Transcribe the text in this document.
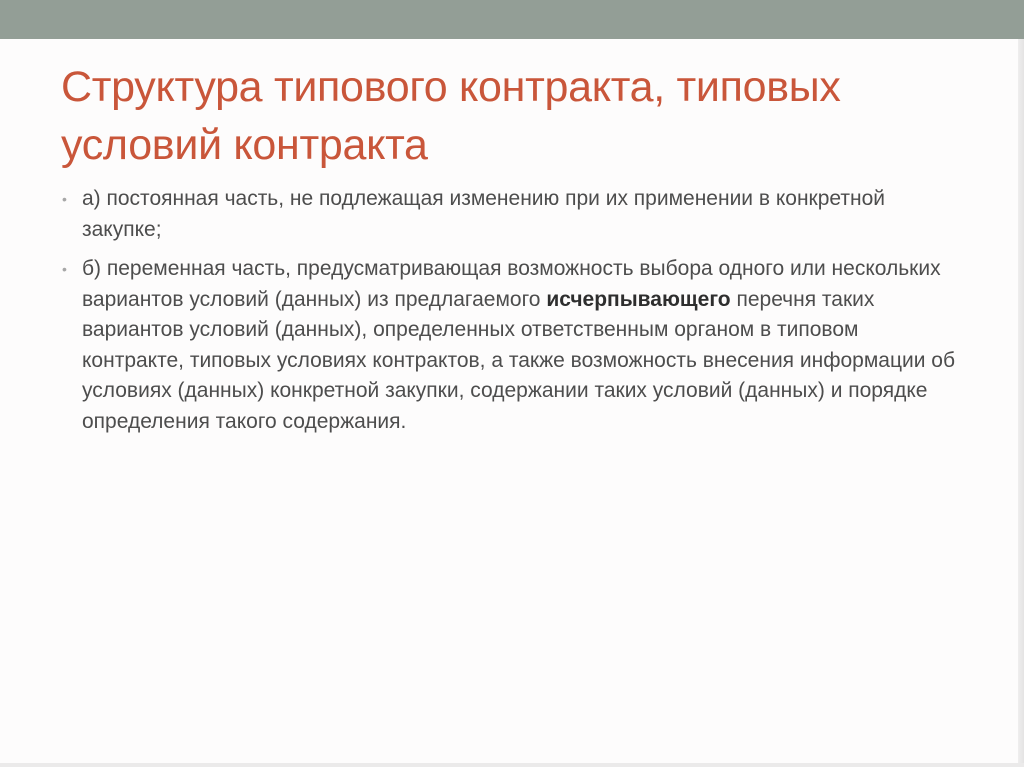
Структура типового контракта, типовых
условий контракта
• а) постоянная часть, не подлежащая изменению при их применении в конкретной закупке;
• б) переменная часть, предусматривающая возможность выбора одного или нескольких вариантов условий (данных) из предлагаемого исчерпывающего перечня таких вариантов условий (данных), определенных ответственным органом в типовом контракте, типовых условиях контрактов, а также возможность внесения информации об условиях (данных) конкретной закупки, содержании таких условий (данных) и порядке определения такого содержания.
